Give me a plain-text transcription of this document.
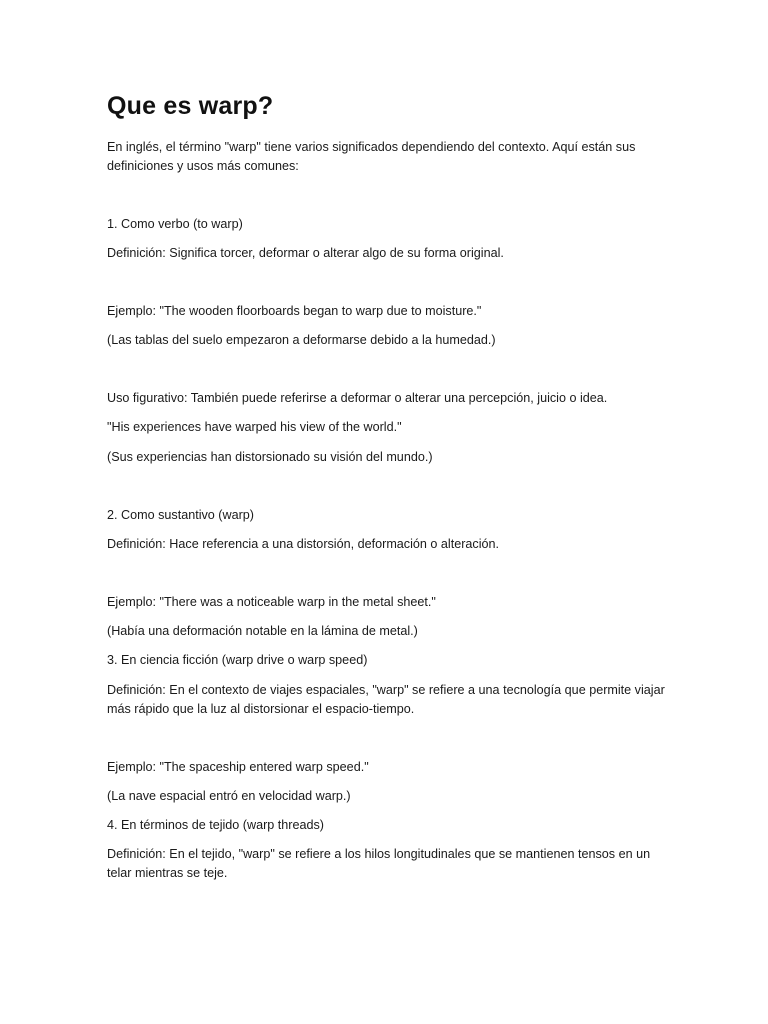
Que es warp?

En inglés, el término "warp" tiene varios significados dependiendo del contexto. Aquí están sus definiciones y usos más comunes:

1. Como verbo (to warp)

Definición: Significa torcer, deformar o alterar algo de su forma original.

Ejemplo: "The wooden floorboards began to warp due to moisture."

(Las tablas del suelo empezaron a deformarse debido a la humedad.)

Uso figurativo: También puede referirse a deformar o alterar una percepción, juicio o idea.

"His experiences have warped his view of the world."

(Sus experiencias han distorsionado su visión del mundo.)

2. Como sustantivo (warp)

Definición: Hace referencia a una distorsión, deformación o alteración.

Ejemplo: "There was a noticeable warp in the metal sheet."

(Había una deformación notable en la lámina de metal.)

3. En ciencia ficción (warp drive o warp speed)

Definición: En el contexto de viajes espaciales, "warp" se refiere a una tecnología que permite viajar más rápido que la luz al distorsionar el espacio-tiempo.

Ejemplo: "The spaceship entered warp speed."

(La nave espacial entró en velocidad warp.)

4. En términos de tejido (warp threads)

Definición: En el tejido, "warp" se refiere a los hilos longitudinales que se mantienen tensos en un telar mientras se teje.
